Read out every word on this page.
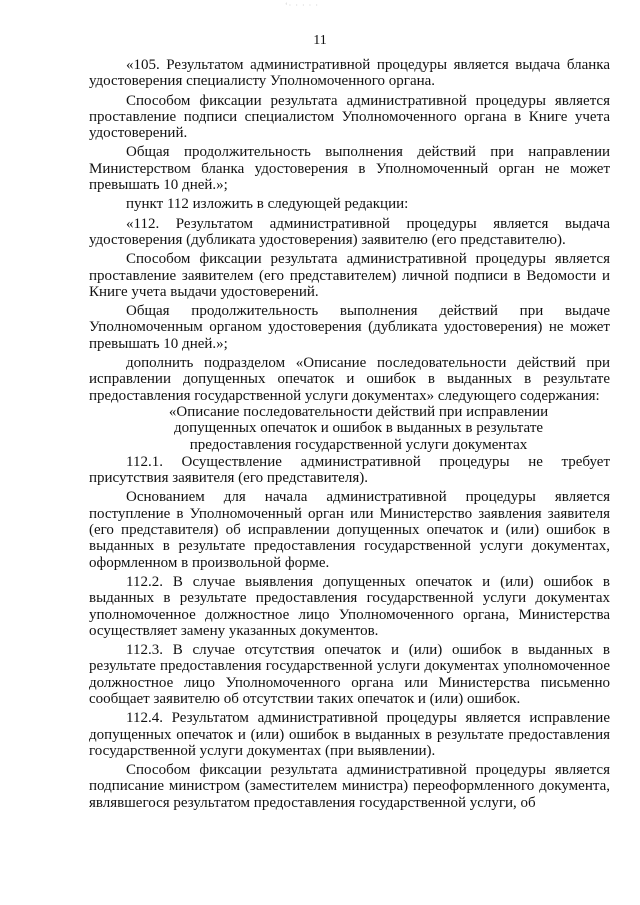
‘· · · · ·
11

«105. Результатом административной процедуры является выдача бланка удостоверения специалисту Уполномоченного органа.

Способом фиксации результата административной процедуры является проставление подписи специалистом Уполномоченного органа в Книге учета удостоверений.

Общая продолжительность выполнения действий при направлении Министерством бланка удостоверения в Уполномоченный орган не может превышать 10 дней.»;

пункт 112 изложить в следующей редакции:

«112. Результатом административной процедуры является выдача удостоверения (дубликата удостоверения) заявителю (его представителю).

Способом фиксации результата административной процедуры является проставление заявителем (его представителем) личной подписи в Ведомости и Книге учета выдачи удостоверений.

Общая продолжительность выполнения действий при выдаче Уполномоченным органом удостоверения (дубликата удостоверения) не может превышать 10 дней.»;

дополнить подразделом «Описание последовательности действий при исправлении допущенных опечаток и ошибок в выданных в результате предоставления государственной услуги документах» следующего содержания:

«Описание последовательности действий при исправлении
допущенных опечаток и ошибок в выданных в результате
предоставления государственной услуги документах

112.1. Осуществление административной процедуры не требует присутствия заявителя (его представителя).

Основанием для начала административной процедуры является поступление в Уполномоченный орган или Министерство заявления заявителя (его представителя) об исправлении допущенных опечаток и (или) ошибок в выданных в результате предоставления государственной услуги документах, оформленном в произвольной форме.

112.2. В случае выявления допущенных опечаток и (или) ошибок в выданных в результате предоставления государственной услуги документах уполномоченное должностное лицо Уполномоченного органа, Министерства осуществляет замену указанных документов.

112.3. В случае отсутствия опечаток и (или) ошибок в выданных в результате предоставления государственной услуги документах уполномоченное должностное лицо Уполномоченного органа или Министерства письменно сообщает заявителю об отсутствии таких опечаток и (или) ошибок.

112.4. Результатом административной процедуры является исправление допущенных опечаток и (или) ошибок в выданных в результате предоставления государственной услуги документах (при выявлении).

Способом фиксации результата административной процедуры является подписание министром (заместителем министра) переоформленного документа, являвшегося результатом предоставления государственной услуги, об
